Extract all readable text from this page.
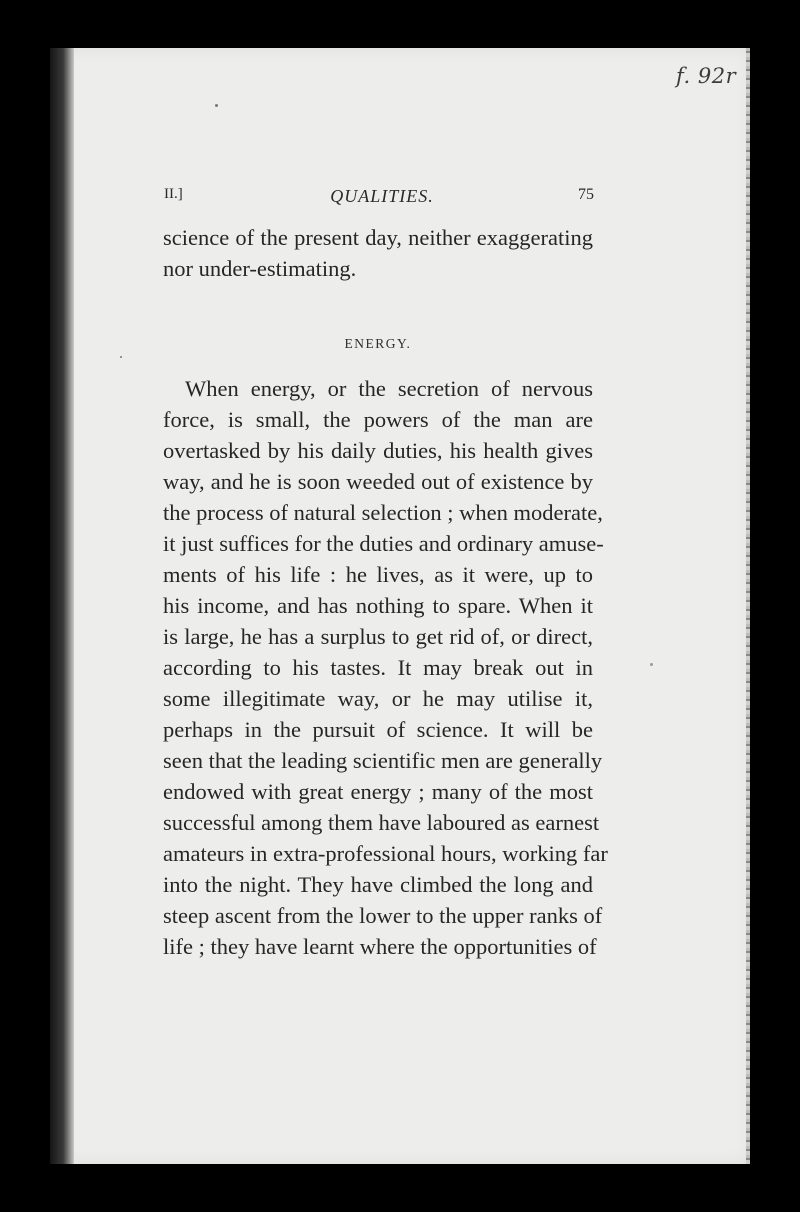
f. 92r
II.]	QUALITIES.	75
science of the present day, neither exaggerating
nor under-estimating.
ENERGY.
When energy, or the secretion of nervous
force, is small, the powers of the man are
overtasked by his daily duties, his health gives
way, and he is soon weeded out of existence by
the process of natural selection ; when moderate,
it just suffices for the duties and ordinary amuse-
ments of his life : he lives, as it were, up to
his income, and has nothing to spare. When it
is large, he has a surplus to get rid of, or direct,
according to his tastes. It may break out in
some illegitimate way, or he may utilise it,
perhaps in the pursuit of science. It will be
seen that the leading scientific men are generally
endowed with great energy ; many of the most
successful among them have laboured as earnest
amateurs in extra-professional hours, working far
into the night. They have climbed the long and
steep ascent from the lower to the upper ranks of
life ; they have learnt where the opportunities of
